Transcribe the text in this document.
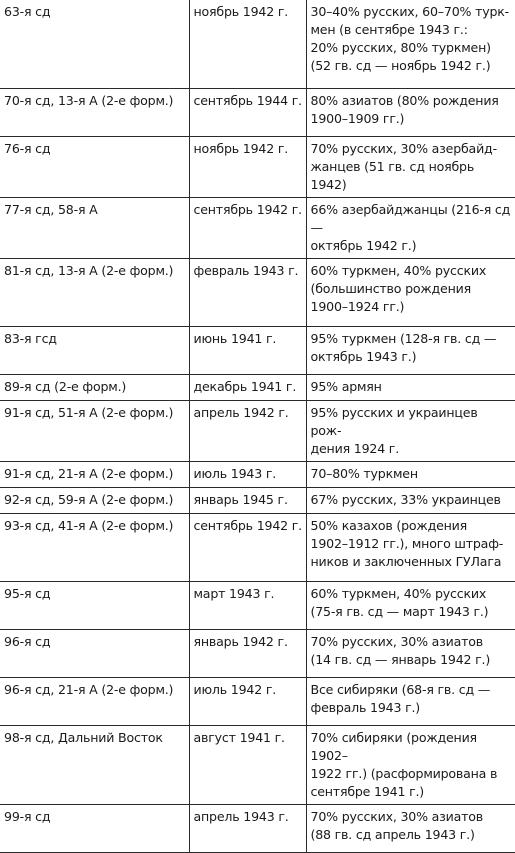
63-я сд	ноябрь 1942 г.	30–40% русских, 60–70% турк-
мен (в сентябре 1943 г.:
20% русских, 80% туркмен)
(52 гв. сд — ноябрь 1942 г.)

70-я сд, 13-я А (2-е форм.)	сентябрь 1944 г.	80% азиатов (80% рождения
1900–1909 гг.)

76-я сд	ноябрь 1942 г.	70% русских, 30% азербайд-
жанцев (51 гв. сд ноябрь 1942)

77-я сд, 58-я А	сентябрь 1942 г.	66% азербайджанцы (216-я сд —
октябрь 1942 г.)

81-я сд, 13-я А (2-е форм.)	февраль 1943 г.	60% туркмен, 40% русских
(большинство рождения
1900–1924 гг.)

83-я гсд	июнь 1941 г.	95% туркмен (128-я гв. сд —
октябрь 1943 г.)

89-я сд (2-е форм.)	декабрь 1941 г.	95% армян

91-я сд, 51-я А (2-е форм.)	апрель 1942 г.	95% русских и украинцев рож-
дения 1924 г.

91-я сд, 21-я А (2-е форм.)	июль 1943 г.	70–80% туркмен

92-я сд, 59-я А (2-е форм.)	январь 1945 г.	67% русских, 33% украинцев

93-я сд, 41-я А (2-е форм.)	сентябрь 1942 г.	50% казахов (рождения
1902–1912 гг.), много штраф-
ников и заключенных ГУЛага

95-я сд	март 1943 г.	60% туркмен, 40% русских
(75-я гв. сд — март 1943 г.)

96-я сд	январь 1942 г.	70% русских, 30% азиатов
(14 гв. сд — январь 1942 г.)

96-я сд, 21-я А (2-е форм.)	июль 1942 г.	Все сибиряки (68-я гв. сд —
февраль 1943 г.)

98-я сд, Дальний Восток	август 1941 г.	70% сибиряки (рождения 1902–
1922 гг.) (расформирована в
сентябре 1941 г.)

99-я сд	апрель 1943 г.	70% русских, 30% азиатов
(88 гв. сд апрель 1943 г.)
